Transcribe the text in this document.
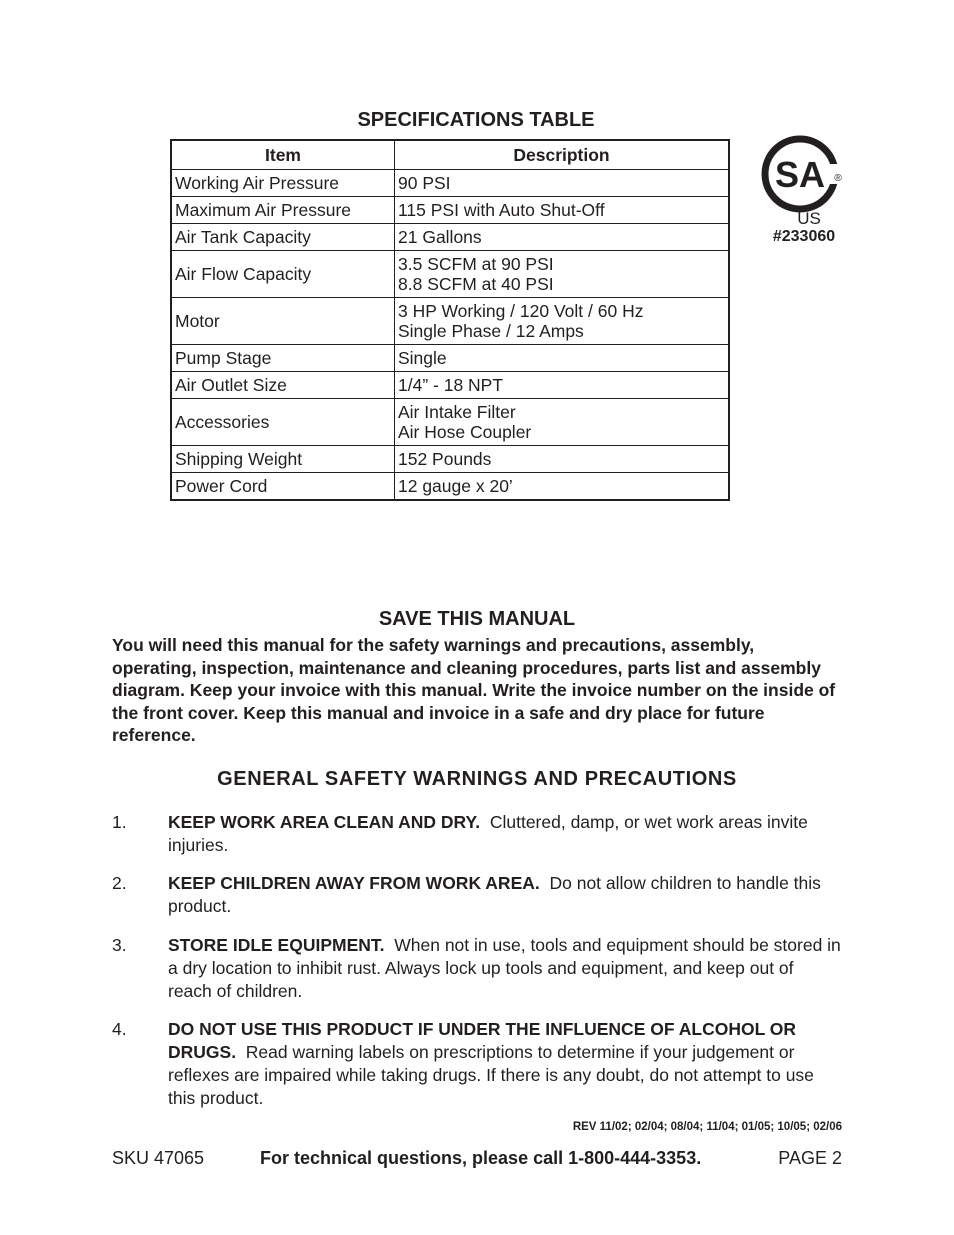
SPECIFICATIONS TABLE
Item	Description
Working Air Pressure	90 PSI

Maximum Air Pressure	115 PSI with Auto Shut-Off

Air Tank Capacity	21 Gallons

Air Flow Capacity	3.5 SCFM at 90 PSI
8.8 SCFM at 40 PSI

Motor	3 HP Working / 120 Volt / 60 Hz
Single Phase / 12 Amps

Pump Stage	Single

Air Outlet Size	1/4” - 18 NPT

Accessories	Air Intake Filter
Air Hose Coupler

Shipping Weight	152 Pounds

Power Cord	12 gauge x 20’
SA ®
US
#233060
SAVE THIS MANUAL
You will need this manual for the safety warnings and precautions, assembly, operating, inspection, maintenance and cleaning procedures, parts list and assembly diagram. Keep your invoice with this manual. Write the invoice number on the inside of the front cover. Keep this manual and invoice in a safe and dry place for future reference.
GENERAL SAFETY WARNINGS AND PRECAUTIONS
1. KEEP WORK AREA CLEAN AND DRY. Cluttered, damp, or wet work areas invite injuries.
2. KEEP CHILDREN AWAY FROM WORK AREA. Do not allow children to handle this product.
3. STORE IDLE EQUIPMENT. When not in use, tools and equipment should be stored in a dry location to inhibit rust. Always lock up tools and equipment, and keep out of reach of children.
4. DO NOT USE THIS PRODUCT IF UNDER THE INFLUENCE OF ALCOHOL OR DRUGS. Read warning labels on prescriptions to determine if your judgement or reflexes are impaired while taking drugs. If there is any doubt, do not attempt to use this product.
REV 11/02; 02/04; 08/04; 11/04; 01/05; 10/05; 02/06
SKU 47065	For technical questions, please call 1-800-444-3353.	PAGE 2
